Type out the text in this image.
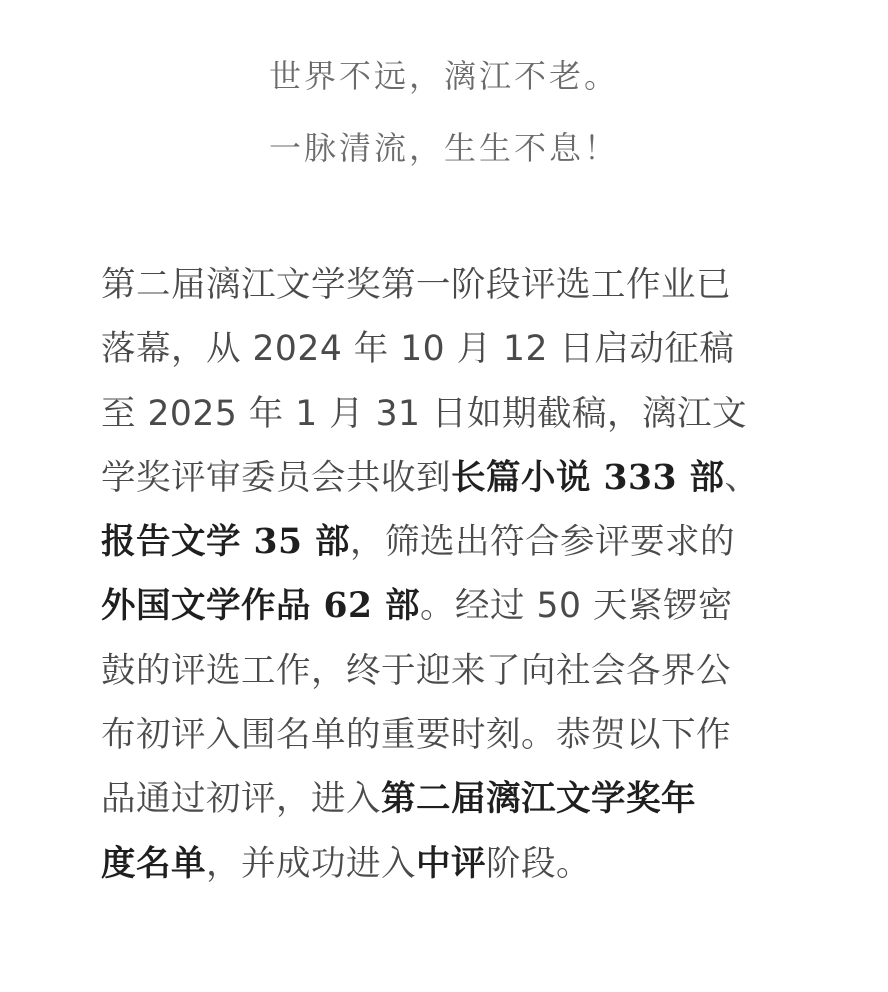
世界不远，漓江不老。
一脉清流，生生不息！
第二届漓江文学奖第一阶段评选工作业已
落幕，从 2024 年 10 月 12 日启动征稿
至 2025 年 1 月 31 日如期截稿，漓江文
学奖评审委员会共收到长篇小说 333 部、
报告文学 35 部，筛选出符合参评要求的
外国文学作品 62 部。经过 50 天紧锣密
鼓的评选工作，终于迎来了向社会各界公
布初评入围名单的重要时刻。恭贺以下作
品通过初评，进入第二届漓江文学奖年
度名单，并成功进入中评阶段。
